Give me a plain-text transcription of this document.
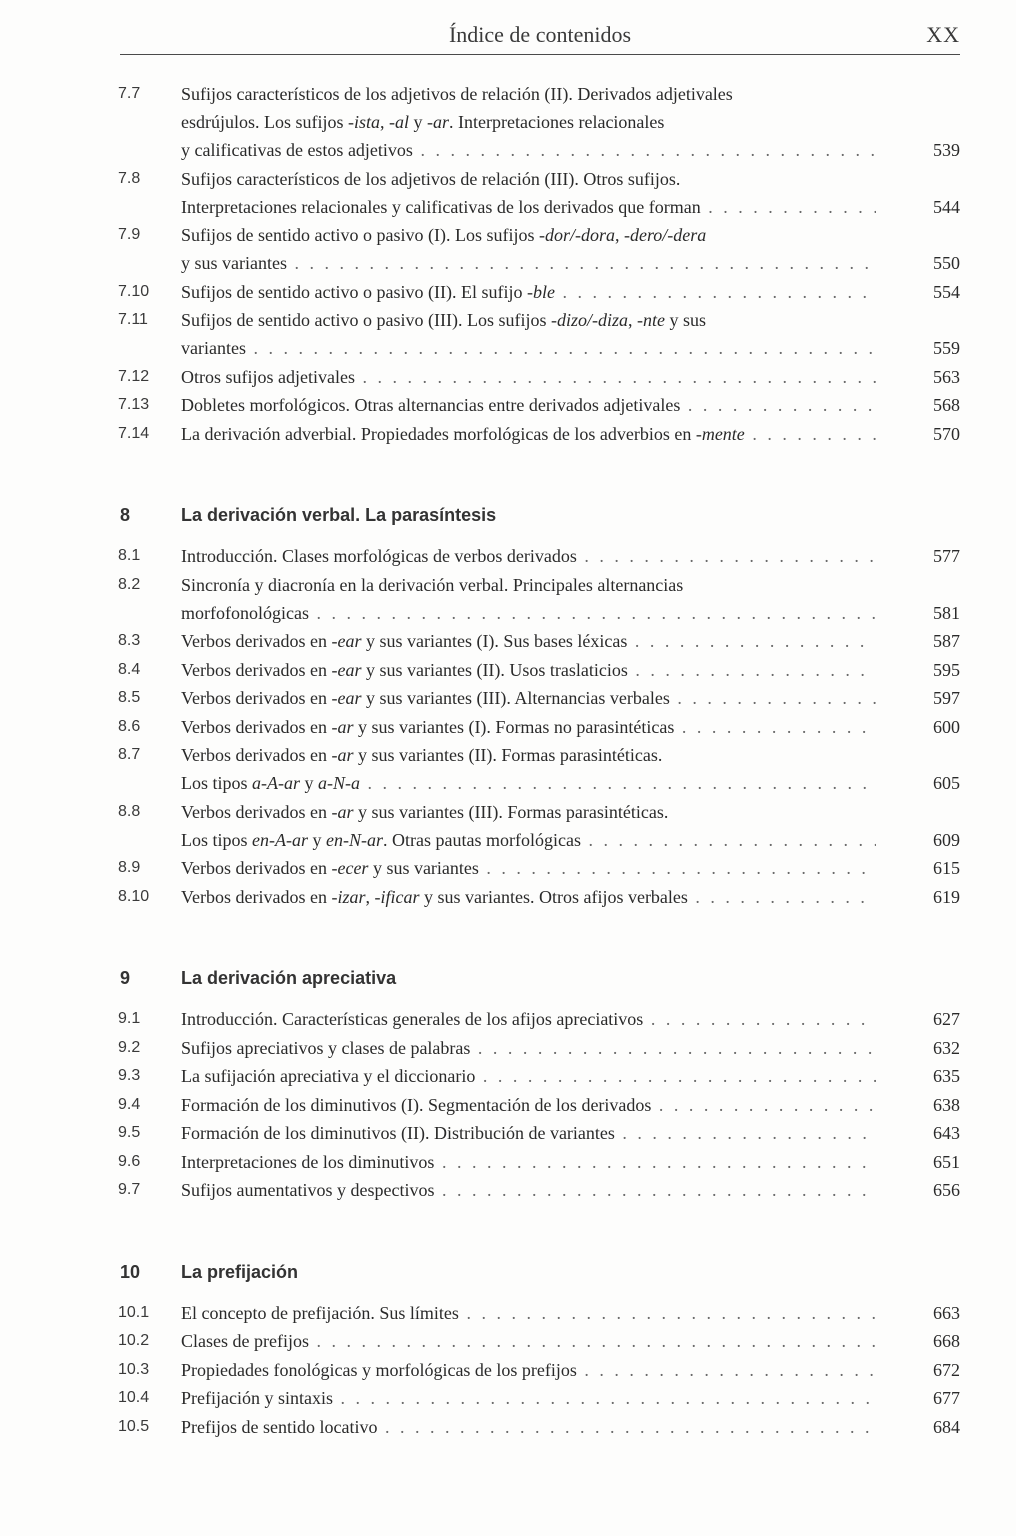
Índice de contenidos	XX
7.7 Sufijos característicos de los adjetivos de relación (II). Derivados adjetivales
esdrújulos. Los sufijos -ista, -al y -ar. Interpretaciones relacionales
y calificativas de estos adjetivos . . .	539
7.8 Sufijos característicos de los adjetivos de relación (III). Otros sufijos.
Interpretaciones relacionales y calificativas de los derivados que forman . . .	544
7.9 Sufijos de sentido activo o pasivo (I). Los sufijos -dor/-dora, -dero/-dera
y sus variantes . . .	550
7.10 Sufijos de sentido activo o pasivo (II). El sufijo -ble . . .	554
7.11 Sufijos de sentido activo o pasivo (III). Los sufijos -dizo/-diza, -nte y sus
variantes . . .	559
7.12 Otros sufijos adjetivales . . .	563
7.13 Dobletes morfológicos. Otras alternancias entre derivados adjetivales . . .	568
7.14 La derivación adverbial. Propiedades morfológicas de los adverbios en -mente . . .	570
8	La derivación verbal. La parasíntesis
8.1 Introducción. Clases morfológicas de verbos derivados . . .	577
8.2 Sincronía y diacronía en la derivación verbal. Principales alternancias
morfofonológicas . . .	581
8.3 Verbos derivados en -ear y sus variantes (I). Sus bases léxicas . . .	587
8.4 Verbos derivados en -ear y sus variantes (II). Usos traslaticios . . .	595
8.5 Verbos derivados en -ear y sus variantes (III). Alternancias verbales . . .	597
8.6 Verbos derivados en -ar y sus variantes (I). Formas no parasintéticas . . .	600
8.7 Verbos derivados en -ar y sus variantes (II). Formas parasintéticas.
Los tipos a-A-ar y a-N-a . . .	605
8.8 Verbos derivados en -ar y sus variantes (III). Formas parasintéticas.
Los tipos en-A-ar y en-N-ar. Otras pautas morfológicas . . .	609
8.9 Verbos derivados en -ecer y sus variantes . . .	615
8.10 Verbos derivados en -izar, -ificar y sus variantes. Otros afijos verbales . . .	619
9	La derivación apreciativa
9.1 Introducción. Características generales de los afijos apreciativos . . .	627
9.2 Sufijos apreciativos y clases de palabras . . .	632
9.3 La sufijación apreciativa y el diccionario . . .	635
9.4 Formación de los diminutivos (I). Segmentación de los derivados . . .	638
9.5 Formación de los diminutivos (II). Distribución de variantes . . .	643
9.6 Interpretaciones de los diminutivos . . .	651
9.7 Sufijos aumentativos y despectivos . . .	656
10 La prefijación
10.1 El concepto de prefijación. Sus límites . . .	663
10.2 Clases de prefijos . . .	668
10.3 Propiedades fonológicas y morfológicas de los prefijos . . .	672
10.4 Prefijación y sintaxis . . .	677
10.5 Prefijos de sentido locativo . . .	684
